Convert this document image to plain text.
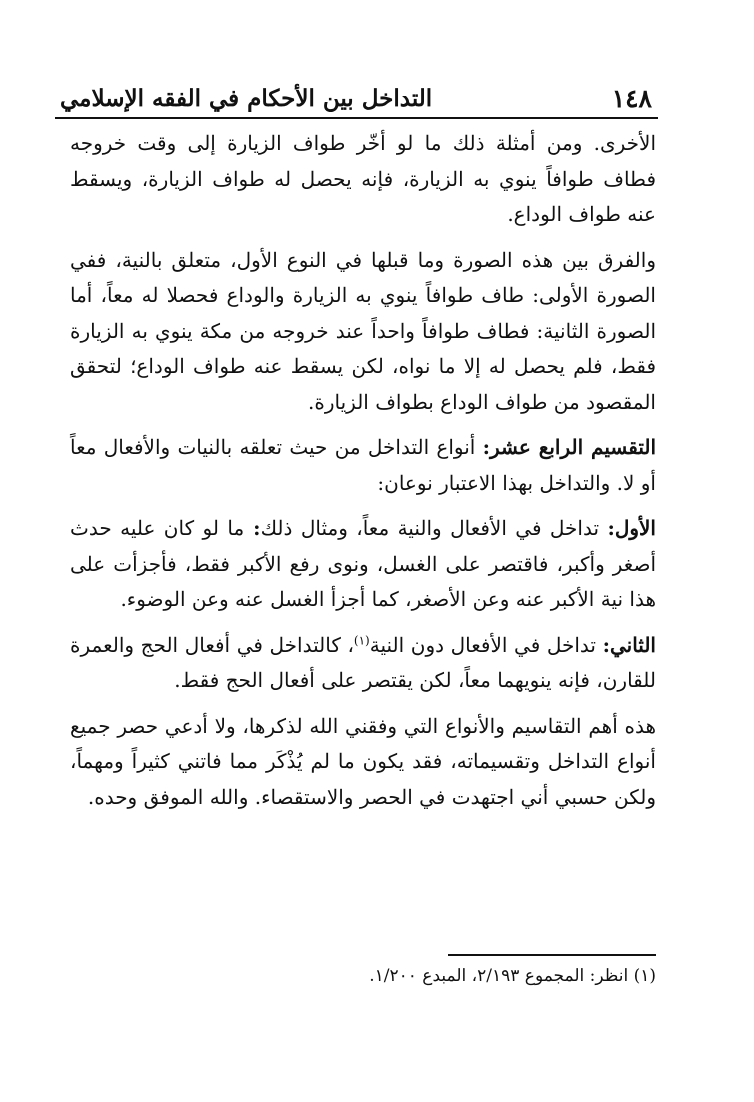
١٤٨
التداخل بين الأحكام في الفقه الإسلامي

الأخرى. ومن أمثلة ذلك ما لو أخّر طواف الزيارة إلى وقت خروجه فطاف طوافاً ينوي به الزيارة، فإنه يحصل له طواف الزيارة، ويسقط عنه طواف الوداع.

والفرق بين هذه الصورة وما قبلها في النوع الأول، متعلق بالنية، ففي الصورة الأولى: طاف طوافاً ينوي به الزيارة والوداع فحصلا له معاً، أما الصورة الثانية: فطاف طوافاً واحداً عند خروجه من مكة ينوي به الزيارة فقط، فلم يحصل له إلا ما نواه، لكن يسقط عنه طواف الوداع؛ لتحقق المقصود من طواف الوداع بطواف الزيارة.

التقسيم الرابع عشر: أنواع التداخل من حيث تعلقه بالنيات والأفعال معاً أو لا. والتداخل بهذا الاعتبار نوعان:

الأول: تداخل في الأفعال والنية معاً، ومثال ذلك: ما لو كان عليه حدث أصغر وأكبر، فاقتصر على الغسل، ونوى رفع الأكبر فقط، فأجزأت على هذا نية الأكبر عنه وعن الأصغر، كما أجزأ الغسل عنه وعن الوضوء.

الثاني: تداخل في الأفعال دون النية$^{(١)}$، كالتداخل في أفعال الحج والعمرة للقارن، فإنه ينويهما معاً، لكن يقتصر على أفعال الحج فقط.

هذه أهم التقاسيم والأنواع التي وفقني الله لذكرها، ولا أدعي حصر جميع أنواع التداخل وتقسيماته، فقد يكون ما لم يُذْكَر مما فاتني كثيراً ومهماً، ولكن حسبي أني اجتهدت في الحصر والاستقصاء. والله الموفق وحده.

(١) انظر: المجموع ٢/١٩٣، المبدع ١/٢٠٠.
